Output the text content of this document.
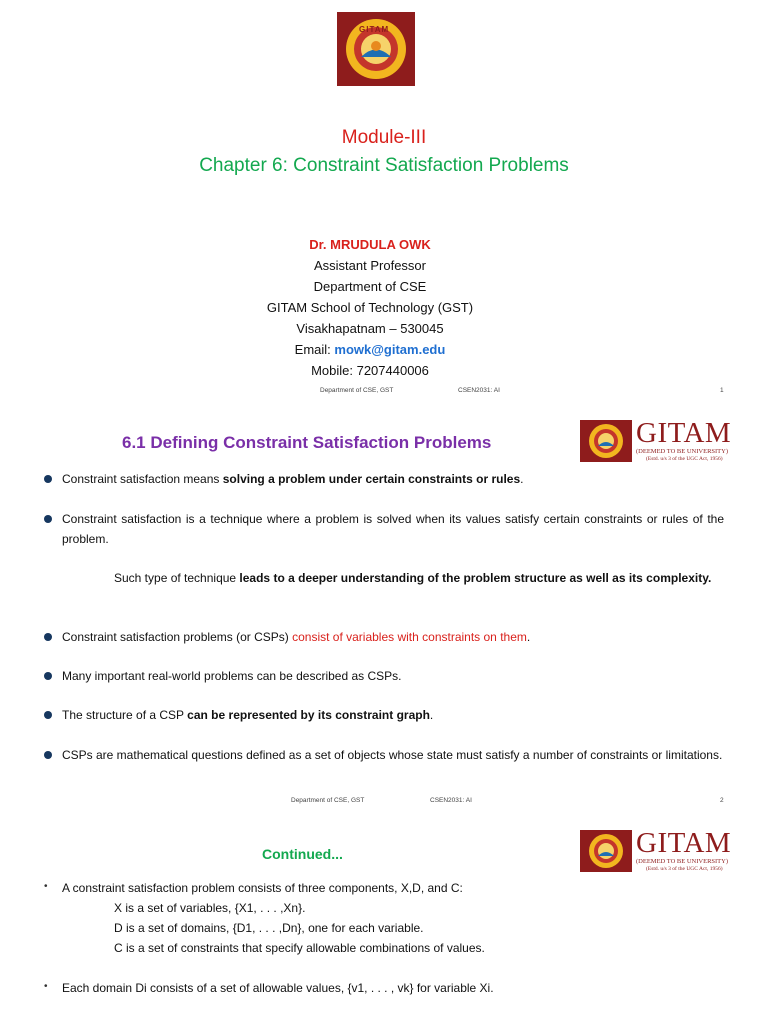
GITAM
Module-III
Chapter 6: Constraint Satisfaction Problems
Dr. MRUDULA OWK
Assistant Professor
Department of CSE
GITAM School of Technology (GST)
Visakhapatnam – 530045
Email: mowk@gitam.edu
Mobile: 7207440006
Department of CSE, GST	CSEN2031: AI	1
6.1 Defining Constraint Satisfaction Problems	GITAM
(DEEMED TO BE UNIVERSITY)
(Estd. u/s 3 of the UGC Act, 1956)
Constraint satisfaction means solving a problem under certain constraints or rules.
Constraint satisfaction is a technique where a problem is solved when its values satisfy certain constraints or rules of the problem.
Such type of technique leads to a deeper understanding of the problem structure as well as its complexity.
Constraint satisfaction problems (or CSPs) consist of variables with constraints on them.
Many important real-world problems can be described as CSPs.
The structure of a CSP can be represented by its constraint graph.
CSPs are mathematical questions defined as a set of objects whose state must satisfy a number of constraints or limitations.
Department of CSE, GST	CSEN2031: AI	2
Continued...	GITAM
(DEEMED TO BE UNIVERSITY)
(Estd. u/s 3 of the UGC Act, 1956)
• A constraint satisfaction problem consists of three components, X,D, and C:
X is a set of variables, {X1, . . . ,Xn}.
D is a set of domains, {D1, . . . ,Dn}, one for each variable.
C is a set of constraints that specify allowable combinations of values.
• Each domain Di consists of a set of allowable values, {v1, . . . , vk} for variable Xi.
